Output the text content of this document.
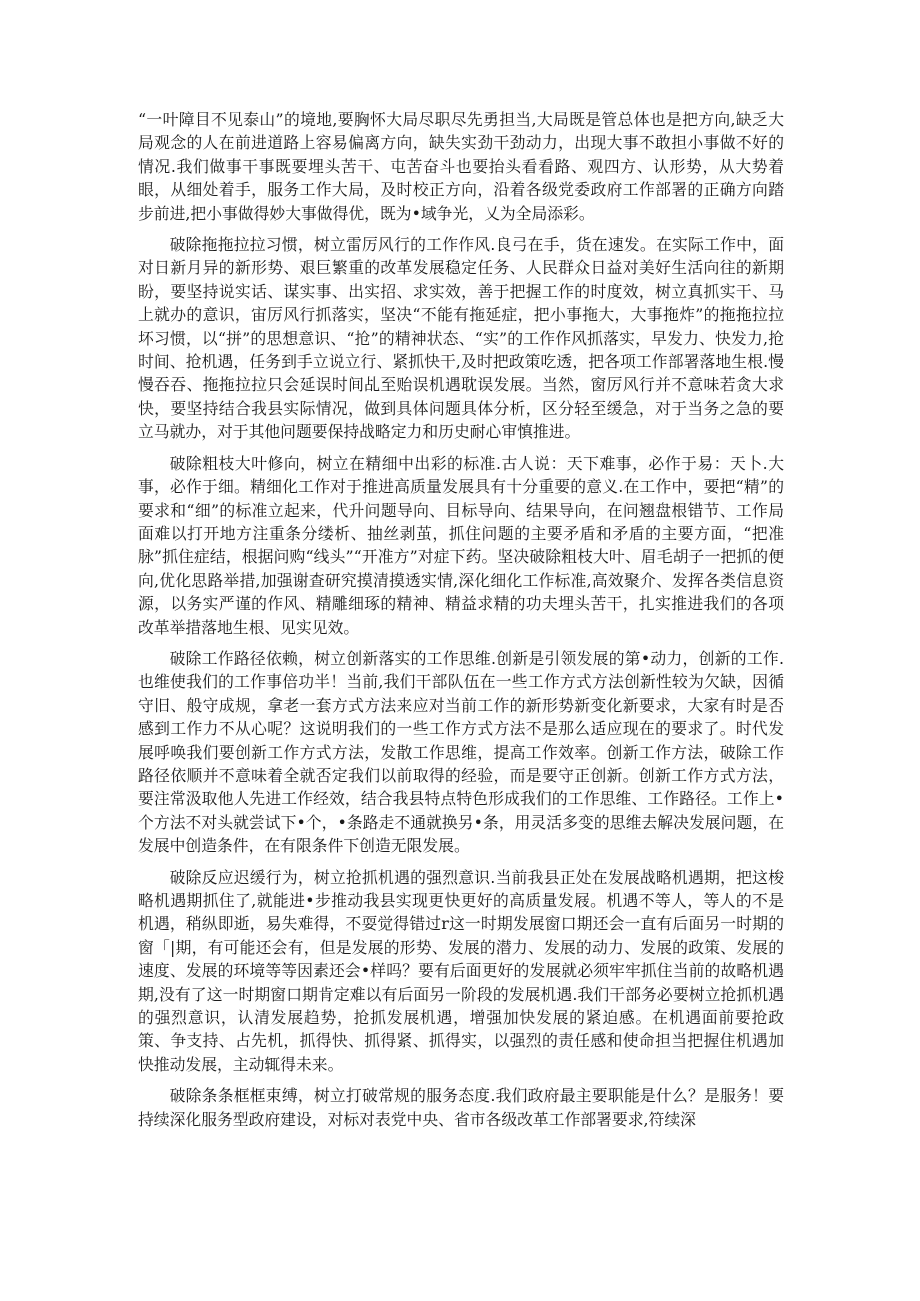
“一叶障目不见泰山”的境地,要胸怀大局尽职尽先勇担当,大局既是管总体也是把方向,缺乏大局观念的人在前进道路上容易偏离方向，缺失实劲干劲动力，出现大事不敢担小事做不好的情况.我们做事干事既要埋头苦干、屯苦奋斗也要抬头看看路、观四方、认形势，从大势着眼，从细处着手，服务工作大局，及时校正方向，沿着各级党委政府工作部署的正确方向踏步前进,把小事做得妙大事做得优，既为•域争光，乂为全局添彩。

破除拖拖拉拉习惯，树立雷厉风行的工作作风.良弓在手，货在速发。在实际工作中，面对日新月异的新形势、艰巨繁重的改革发展稳定任务、人民群众日益对美好生活向往的新期盼，要坚持说实话、谋实事、出实招、求实效，善于把握工作的时度效，树立真抓实干、马上就办的意识，宙厉风行抓落实，坚决“不能有拖延症，把小事拖大，大事拖炸”的拖拖拉拉坏习惯，以“拼”的思想意识、“抢”的精神状态、“实”的工作作风抓落实，早发力、快发力,抢时间、抢机遇，任务到手立说立行、紧抓快干,及时把政策吃透，把各项工作部署落地生根.慢慢吞吞、拖拖拉拉只会延误时间乩至贻误机遇耽误发展。当然，窗厉风行并不意味若贪大求快，要坚持结合我县实际情况，做到具体问题具体分析，区分轻至缓急，对于当务之急的要立马就办，对于其他问题要保持战略定力和历史耐心审慎推进。

破除粗枝大叶修向，树立在精细中出彩的标准.古人说：天下难事，必作于易：天卜.大事，必作于细。精细化工作对于推进高质量发展具有十分重要的意义.在工作中，要把“精”的要求和“细”的标准立起来，代升问题导向、目标导向、结果导向，在问翘盘根错节、工作局面难以打开地方注重条分缕析、抽丝剥茧，抓住问题的主要矛盾和矛盾的主要方面，“把准脉”抓住症结，根据问购“线头”“开准方”对症下药。坚决破除粗枝大叶、眉毛胡子一把抓的便向,优化思路举措,加强谢查研究摸清摸透实情,深化细化工作标准,高效聚介、发挥各类信息资源，以务实严谨的作风、精雕细琢的精神、精益求精的功夫埋头苦干，扎实推进我们的各项改革举措落地生根、见实见效。

破除工作路径依赖，树立创新落实的工作思维.创新是引领发展的第•动力，创新的工作.也维使我们的工作事倍功半！当前,我们干部队伍在一些工作方式方法创新性较为欠缺，因循守旧、般守成规，拿老一套方式方法来应对当前工作的新形势新变化新要求，大家有时是否感到工作力不从心呢？这说明我们的一些工作方式方法不是那么适应现在的要求了。时代发展呼唤我们要创新工作方式方法，发散工作思维，提高工作效率。创新工作方法，破除工作路径依顺并不意味着全就否定我们以前取得的经验，而是要守正创新。创新工作方式方法，要注常汲取他人先进工作经效，结合我县特点特色形成我们的工作思维、工作路径。工作上•个方法不对头就尝试下•个，•条路走不通就换另•条，用灵活多变的思维去解决发展问题，在发展中创造条件，在有限条件下创造无限发展。

破除反应迟缓行为，树立抢抓机遇的强烈意识.当前我县正处在发展战略机遇期，把这梭略机遇期抓住了,就能进•步推动我县实现更快更好的高质量发屐。机遇不等人，等人的不是机遇，稍纵即逝，易失难得，不耍觉得错过r这一时期发展窗口期还会一直有后面另一时期的窗「|期，有可能还会有，但是发展的形势、发展的潜力、发展的动力、发展的政策、发展的速度、发展的环境等等因素还会•样吗？要有后面更好的发展就必须牢牢抓住当前的故略机遇期,没有了这一时期窗口期肯定难以有后面另一阶段的发展机遇.我们干部务必要树立抢抓机遇的强烈意识，认清发展趋势，抢抓发展机遇，增强加快发展的紧迫感。在机遇面前要抢政策、争支持、占先机，抓得快、抓得紧、抓得实，以强烈的责任感和使命担当把握住机遇加快推动发展，主动辄得未来。

破除条条框框束缚，树立打破常规的服务态度.我们政府最主要职能是什么？是服务！要持续深化服务型政府建设，对标对表党中央、省市各级改革工作部署要求,符续深
